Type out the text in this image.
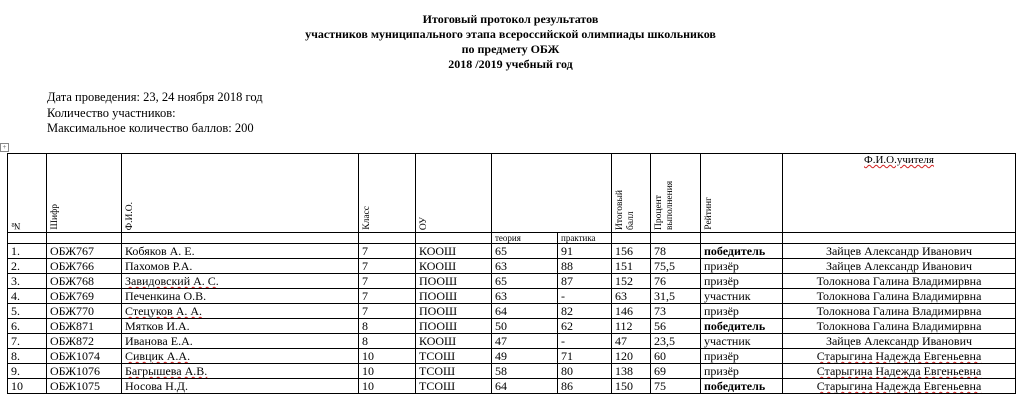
Итоговый протокол результатов
участников муниципального этапа всероссийской олимпиады школьников
по предмету ОБЖ
2018 /2019 учебный год
Дата проведения: 23, 24 ноября 2018 год
Количество участников:
Максимальное количество баллов: 200
+
№	Шифр	Ф.И.О.	Класс	ОУ			Итоговый балл	Процент выполнения	Рейтинг	Ф.И.О.учителя
					теория	практика				
1.	ОБЖ767	Кобяков А. Е.	7	КООШ	65	91	156	78	победитель	Зайцев Александр Иванович
2.	ОБЖ766	Пахомов Р.А.	7	КООШ	63	88	151	75,5	призёр	Зайцев Александр Иванович
3.	ОБЖ768	Завидовский А. С.	7	ПООШ	65	87	152	76	призёр	Толокнова Галина Владимирвна
4.	ОБЖ769	Печенкина О.В.	7	ПООШ	63	-	63	31,5	участник	Толокнова Галина Владимирвна
5.	ОБЖ770	Стецуков А. А.	7	ПООШ	64	82	146	73	призёр	Толокнова Галина Владимирвна
6.	ОБЖ871	Мятков И.А.	8	ПООШ	50	62	112	56	победитель	Толокнова Галина Владимирвна
7.	ОБЖ872	Иванова Е.А.	8	КООШ	47	-	47	23,5	участник	Зайцев Александр Иванович
8.	ОБЖ1074	Сивцик А.А.	10	ТСОШ	49	71	120	60	призёр	Старыгина Надежда Евгеньевна
9.	ОБЖ1076	Багрышева А.В.	10	ТСОШ	58	80	138	69	призёр	Старыгина Надежда Евгеньевна
10	ОБЖ1075	Носова Н.Д.	10	ТСОШ	64	86	150	75	победитель	Старыгина Надежда Евгеньевна
